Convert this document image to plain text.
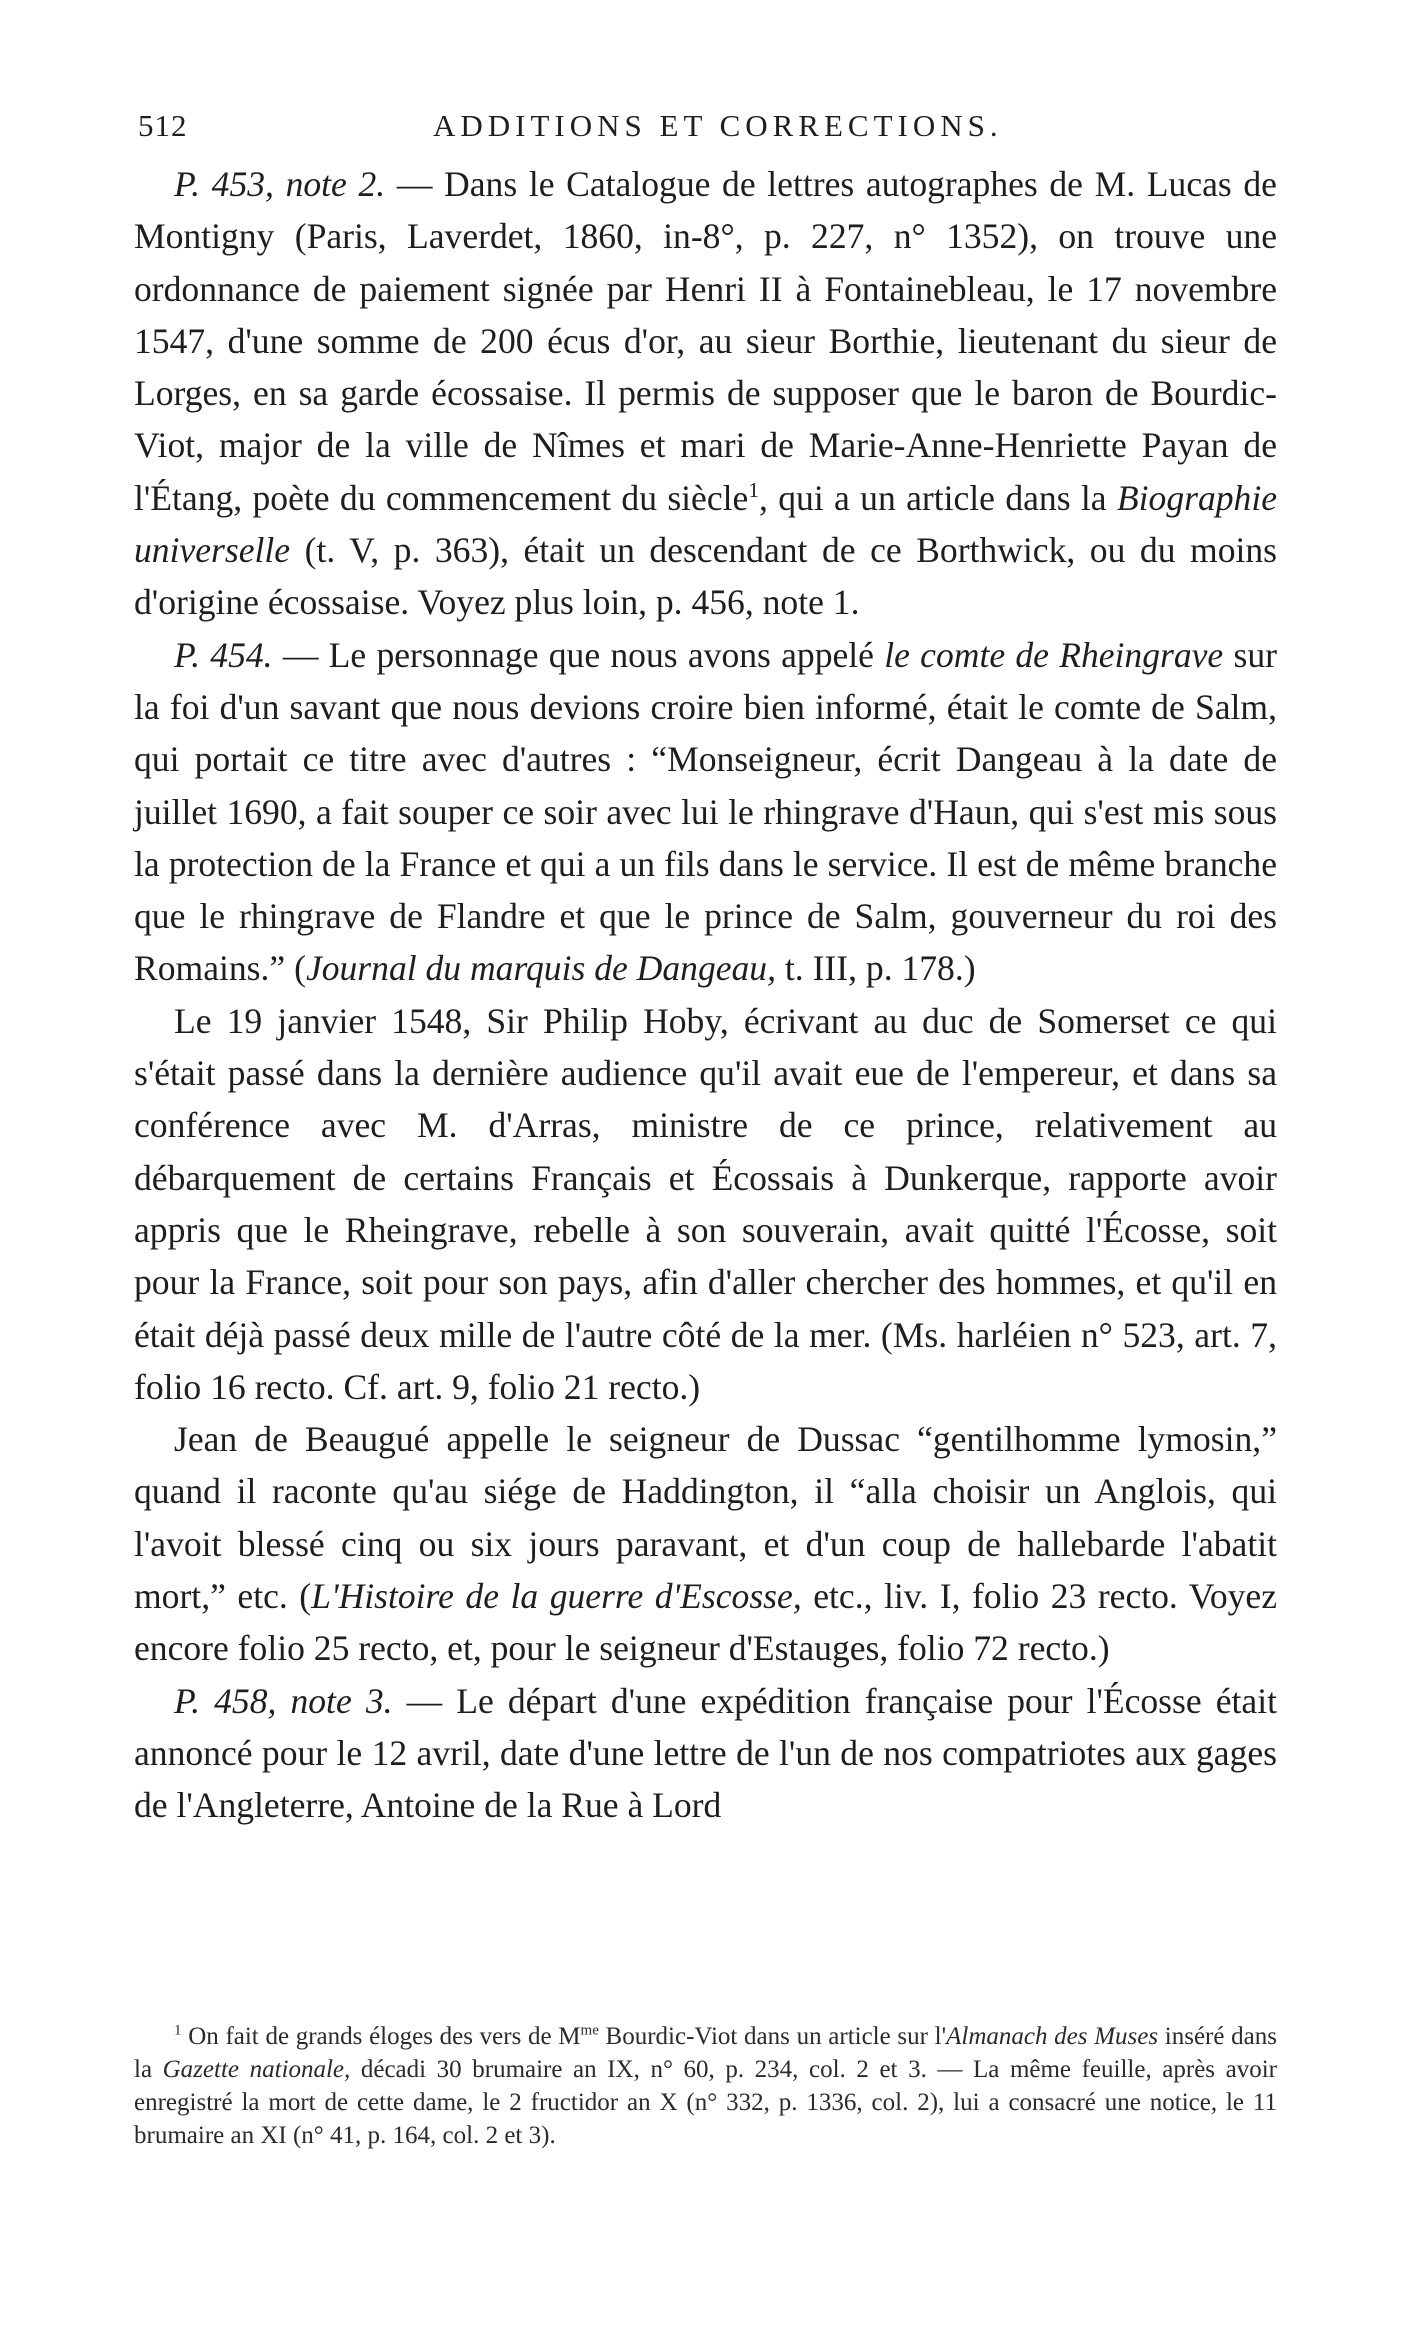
512	ADDITIONS ET CORRECTIONS.

P. 453, note 2. — Dans le Catalogue de lettres autographes de M. Lucas de Montigny (Paris, Laverdet, 1860, in-8°, p. 227, n° 1352), on trouve une ordonnance de paiement signée par Henri II à Fontainebleau, le 17 novembre 1547, d'une somme de 200 écus d'or, au sieur Borthie, lieutenant du sieur de Lorges, en sa garde écossaise. Il permis de supposer que le baron de Bourdic-Viot, major de la ville de Nîmes et mari de Marie-Anne-Henriette Payan de l'Étang, poète du commencement du siècle$^1$, qui a un article dans la Biographie universelle (t. V, p. 363), était un descendant de ce Borthwick, ou du moins d'origine écossaise. Voyez plus loin, p. 456, note 1.

P. 454. — Le personnage que nous avons appelé le comte de Rheingrave sur la foi d'un savant que nous devions croire bien informé, était le comte de Salm, qui portait ce titre avec d'autres : “Monseigneur, écrit Dangeau à la date de juillet 1690, a fait souper ce soir avec lui le rhingrave d'Haun, qui s'est mis sous la protection de la France et qui a un fils dans le service. Il est de même branche que le rhingrave de Flandre et que le prince de Salm, gouverneur du roi des Romains.” (Journal du marquis de Dangeau, t. III, p. 178.)

Le 19 janvier 1548, Sir Philip Hoby, écrivant au duc de Somerset ce qui s'était passé dans la dernière audience qu'il avait eue de l'empereur, et dans sa conférence avec M. d'Arras, ministre de ce prince, relativement au débarquement de certains Français et Écossais à Dunkerque, rapporte avoir appris que le Rheingrave, rebelle à son souverain, avait quitté l'Écosse, soit pour la France, soit pour son pays, afin d'aller chercher des hommes, et qu'il en était déjà passé deux mille de l'autre côté de la mer. (Ms. harléien n° 523, art. 7, folio 16 recto. Cf. art. 9, folio 21 recto.)

Jean de Beaugué appelle le seigneur de Dussac “gentilhomme lymosin,” quand il raconte qu'au siége de Haddington, il “alla choisir un Anglois, qui l'avoit blessé cinq ou six jours paravant, et d'un coup de hallebarde l'abatit mort,” etc. (L'Histoire de la guerre d'Escosse, etc., liv. I, folio 23 recto. Voyez encore folio 25 recto, et, pour le seigneur d'Estauges, folio 72 recto.)

P. 458, note 3. — Le départ d'une expédition française pour l'Écosse était annoncé pour le 12 avril, date d'une lettre de l'un de nos compatriotes aux gages de l'Angleterre, Antoine de la Rue à Lord

$^1$ On fait de grands éloges des vers de $M^{me}$ Bourdic-Viot dans un article sur l'Almanach des Muses inséré dans la Gazette nationale, décadi 30 brumaire an IX, n° 60, p. 234, col. 2 et 3. — La même feuille, après avoir enregistré la mort de cette dame, le 2 fructidor an X (n° 332, p. 1336, col. 2), lui a consacré une notice, le 11 brumaire an XI (n° 41, p. 164, col. 2 et 3).
